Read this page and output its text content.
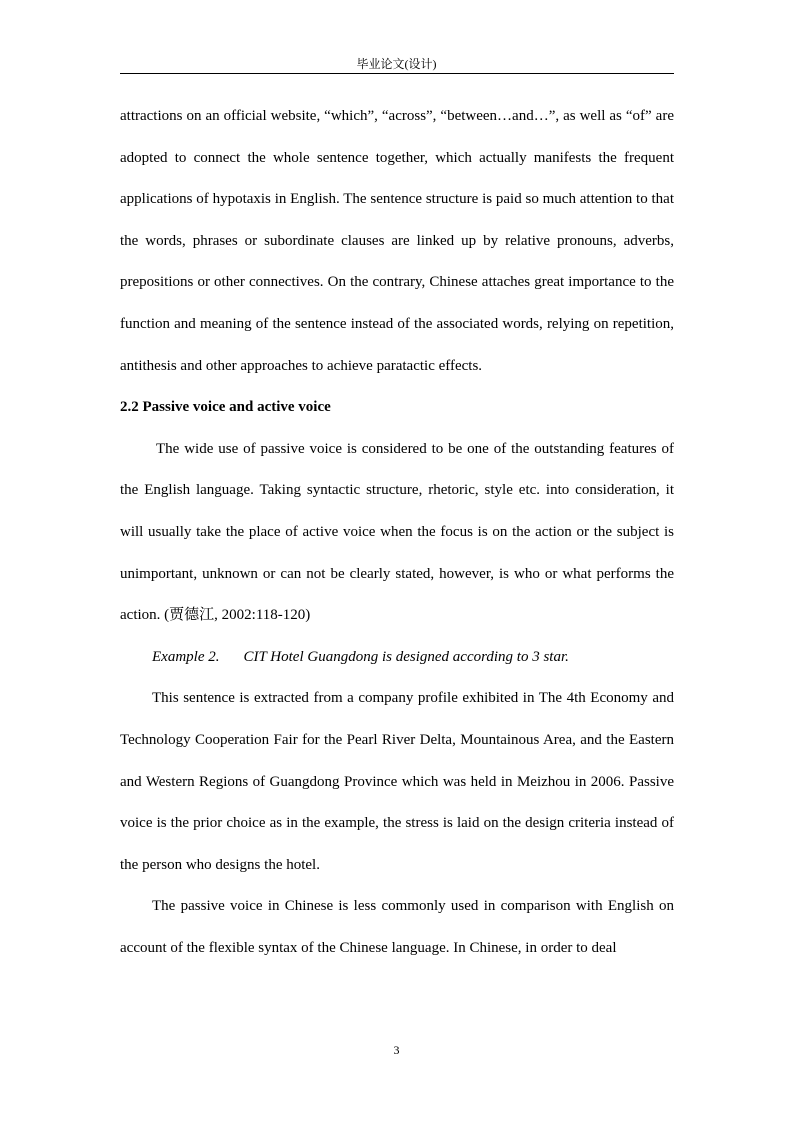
毕业论文(设计)

attractions on an official website, “which”, “across”, “between…and…”, as well as “of” are adopted to connect the whole sentence together, which actually manifests the frequent applications of hypotaxis in English. The sentence structure is paid so much attention to that the words, phrases or subordinate clauses are linked up by relative pronouns, adverbs, prepositions or other connectives. On the contrary, Chinese attaches great importance to the function and meaning of the sentence instead of the associated words, relying on repetition, antithesis and other approaches to achieve paratactic effects.

2.2 Passive voice and active voice

The wide use of passive voice is considered to be one of the outstanding features of the English language. Taking syntactic structure, rhetoric, style etc. into consideration, it will usually take the place of active voice when the focus is on the action or the subject is unimportant, unknown or can not be clearly stated, however, is who or what performs the action. (贾德江, 2002:118-120)

Example 2. CIT Hotel Guangdong is designed according to 3 star.

This sentence is extracted from a company profile exhibited in The 4th Economy and Technology Cooperation Fair for the Pearl River Delta, Mountainous Area, and the Eastern and Western Regions of Guangdong Province which was held in Meizhou in 2006. Passive voice is the prior choice as in the example, the stress is laid on the design criteria instead of the person who designs the hotel.

The passive voice in Chinese is less commonly used in comparison with English on account of the flexible syntax of the Chinese language. In Chinese, in order to deal

3
